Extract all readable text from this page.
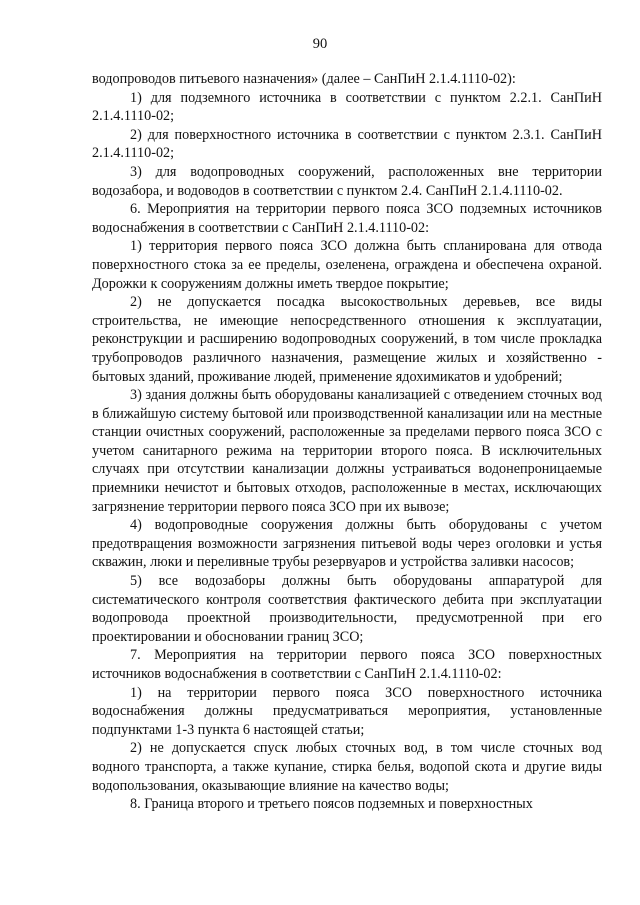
90

водопроводов питьевого назначения» (далее – СанПиН 2.1.4.1110-02):

1) для подземного источника в соответствии с пунктом 2.2.1. СанПиН 2.1.4.1110-02;

2) для поверхностного источника в соответствии с пунктом 2.3.1. СанПиН 2.1.4.1110-02;

3) для водопроводных сооружений, расположенных вне территории водозабора, и водоводов в соответствии с пунктом 2.4. СанПиН 2.1.4.1110-02.

6. Мероприятия на территории первого пояса ЗСО подземных источников водоснабжения в соответствии с СанПиН 2.1.4.1110-02:

1) территория первого пояса ЗСО должна быть спланирована для отвода поверхностного стока за ее пределы, озеленена, ограждена и обеспечена охраной. Дорожки к сооружениям должны иметь твердое покрытие;

2) не допускается посадка высокоствольных деревьев, все виды строительства, не имеющие непосредственного отношения к эксплуатации, реконструкции и расширению водопроводных сооружений, в том числе прокладка трубопроводов различного назначения, размещение жилых и хозяйственно - бытовых зданий, проживание людей, применение ядохимикатов и удобрений;

3) здания должны быть оборудованы канализацией с отведением сточных вод в ближайшую систему бытовой или производственной канализации или на местные станции очистных сооружений, расположенные за пределами первого пояса ЗСО с учетом санитарного режима на территории второго пояса. В исключительных случаях при отсутствии канализации должны устраиваться водонепроницаемые приемники нечистот и бытовых отходов, расположенные в местах, исключающих загрязнение территории первого пояса ЗСО при их вывозе;

4) водопроводные сооружения должны быть оборудованы с учетом предотвращения возможности загрязнения питьевой воды через оголовки и устья скважин, люки и переливные трубы резервуаров и устройства заливки насосов;

5) все водозаборы должны быть оборудованы аппаратурой для систематического контроля соответствия фактического дебита при эксплуатации водопровода проектной производительности, предусмотренной при его проектировании и обосновании границ ЗСО;

7. Мероприятия на территории первого пояса ЗСО поверхностных источников водоснабжения в соответствии с СанПиН 2.1.4.1110-02:

1) на территории первого пояса ЗСО поверхностного источника водоснабжения должны предусматриваться мероприятия, установленные подпунктами 1-3 пункта 6 настоящей статьи;

2) не допускается спуск любых сточных вод, в том числе сточных вод водного транспорта, а также купание, стирка белья, водопой скота и другие виды водопользования, оказывающие влияние на качество воды;

8. Граница второго и третьего поясов подземных и поверхностных
